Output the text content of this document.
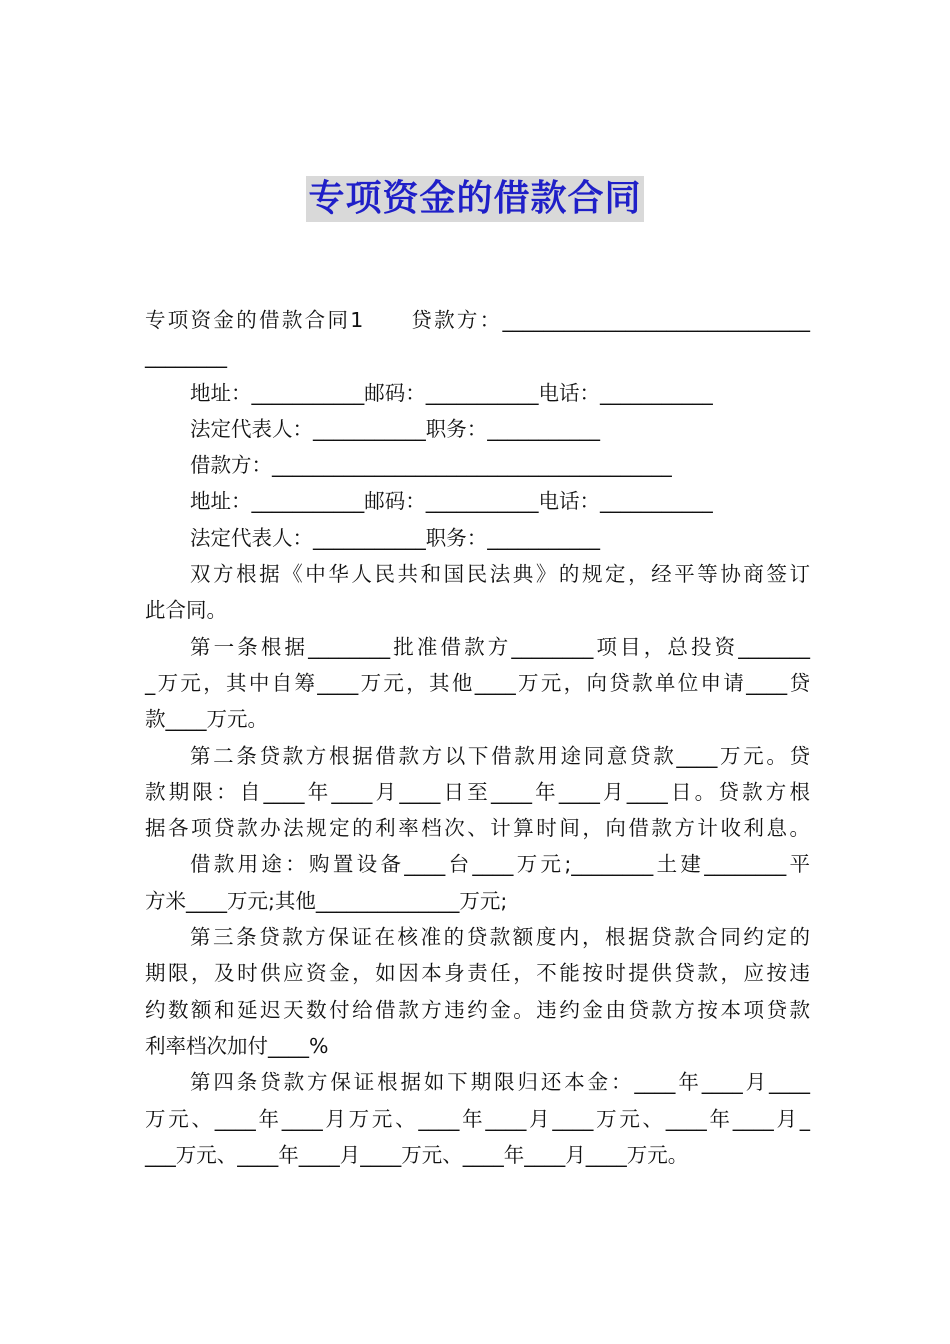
专项资金的借款合同
专项资金的借款合同1　　贷款方：______________________________
________
地址：___________邮码：___________电话：___________
法定代表人：___________职务：___________
借款方：_______________________________________
地址：___________邮码：___________电话：___________
法定代表人：___________职务：___________
双方根据《中华人民共和国民法典》的规定，经平等协商签订
此合同。
第一条根据________批准借款方________项目，总投资_______
_万元，其中自筹____万元，其他____万元，向贷款单位申请____贷
款____万元。
第二条贷款方根据借款方以下借款用途同意贷款____万元。贷
款期限：自____年____月____日至____年____月____日。贷款方根
据各项贷款办法规定的利率档次、计算时间，向借款方计收利息。
借款用途：购置设备____台____万元;________土建________平
方米____万元;其他______________万元;
第三条贷款方保证在核准的贷款额度内，根据贷款合同约定的
期限，及时供应资金，如因本身责任，不能按时提供贷款，应按违
约数额和延迟天数付给借款方违约金。违约金由贷款方按本项贷款
利率档次加付____%
第四条贷款方保证根据如下期限归还本金：____年____月____
万元、____年____月万元、____年____月____万元、____年____月_
___万元、____年____月____万元、____年____月____万元。
